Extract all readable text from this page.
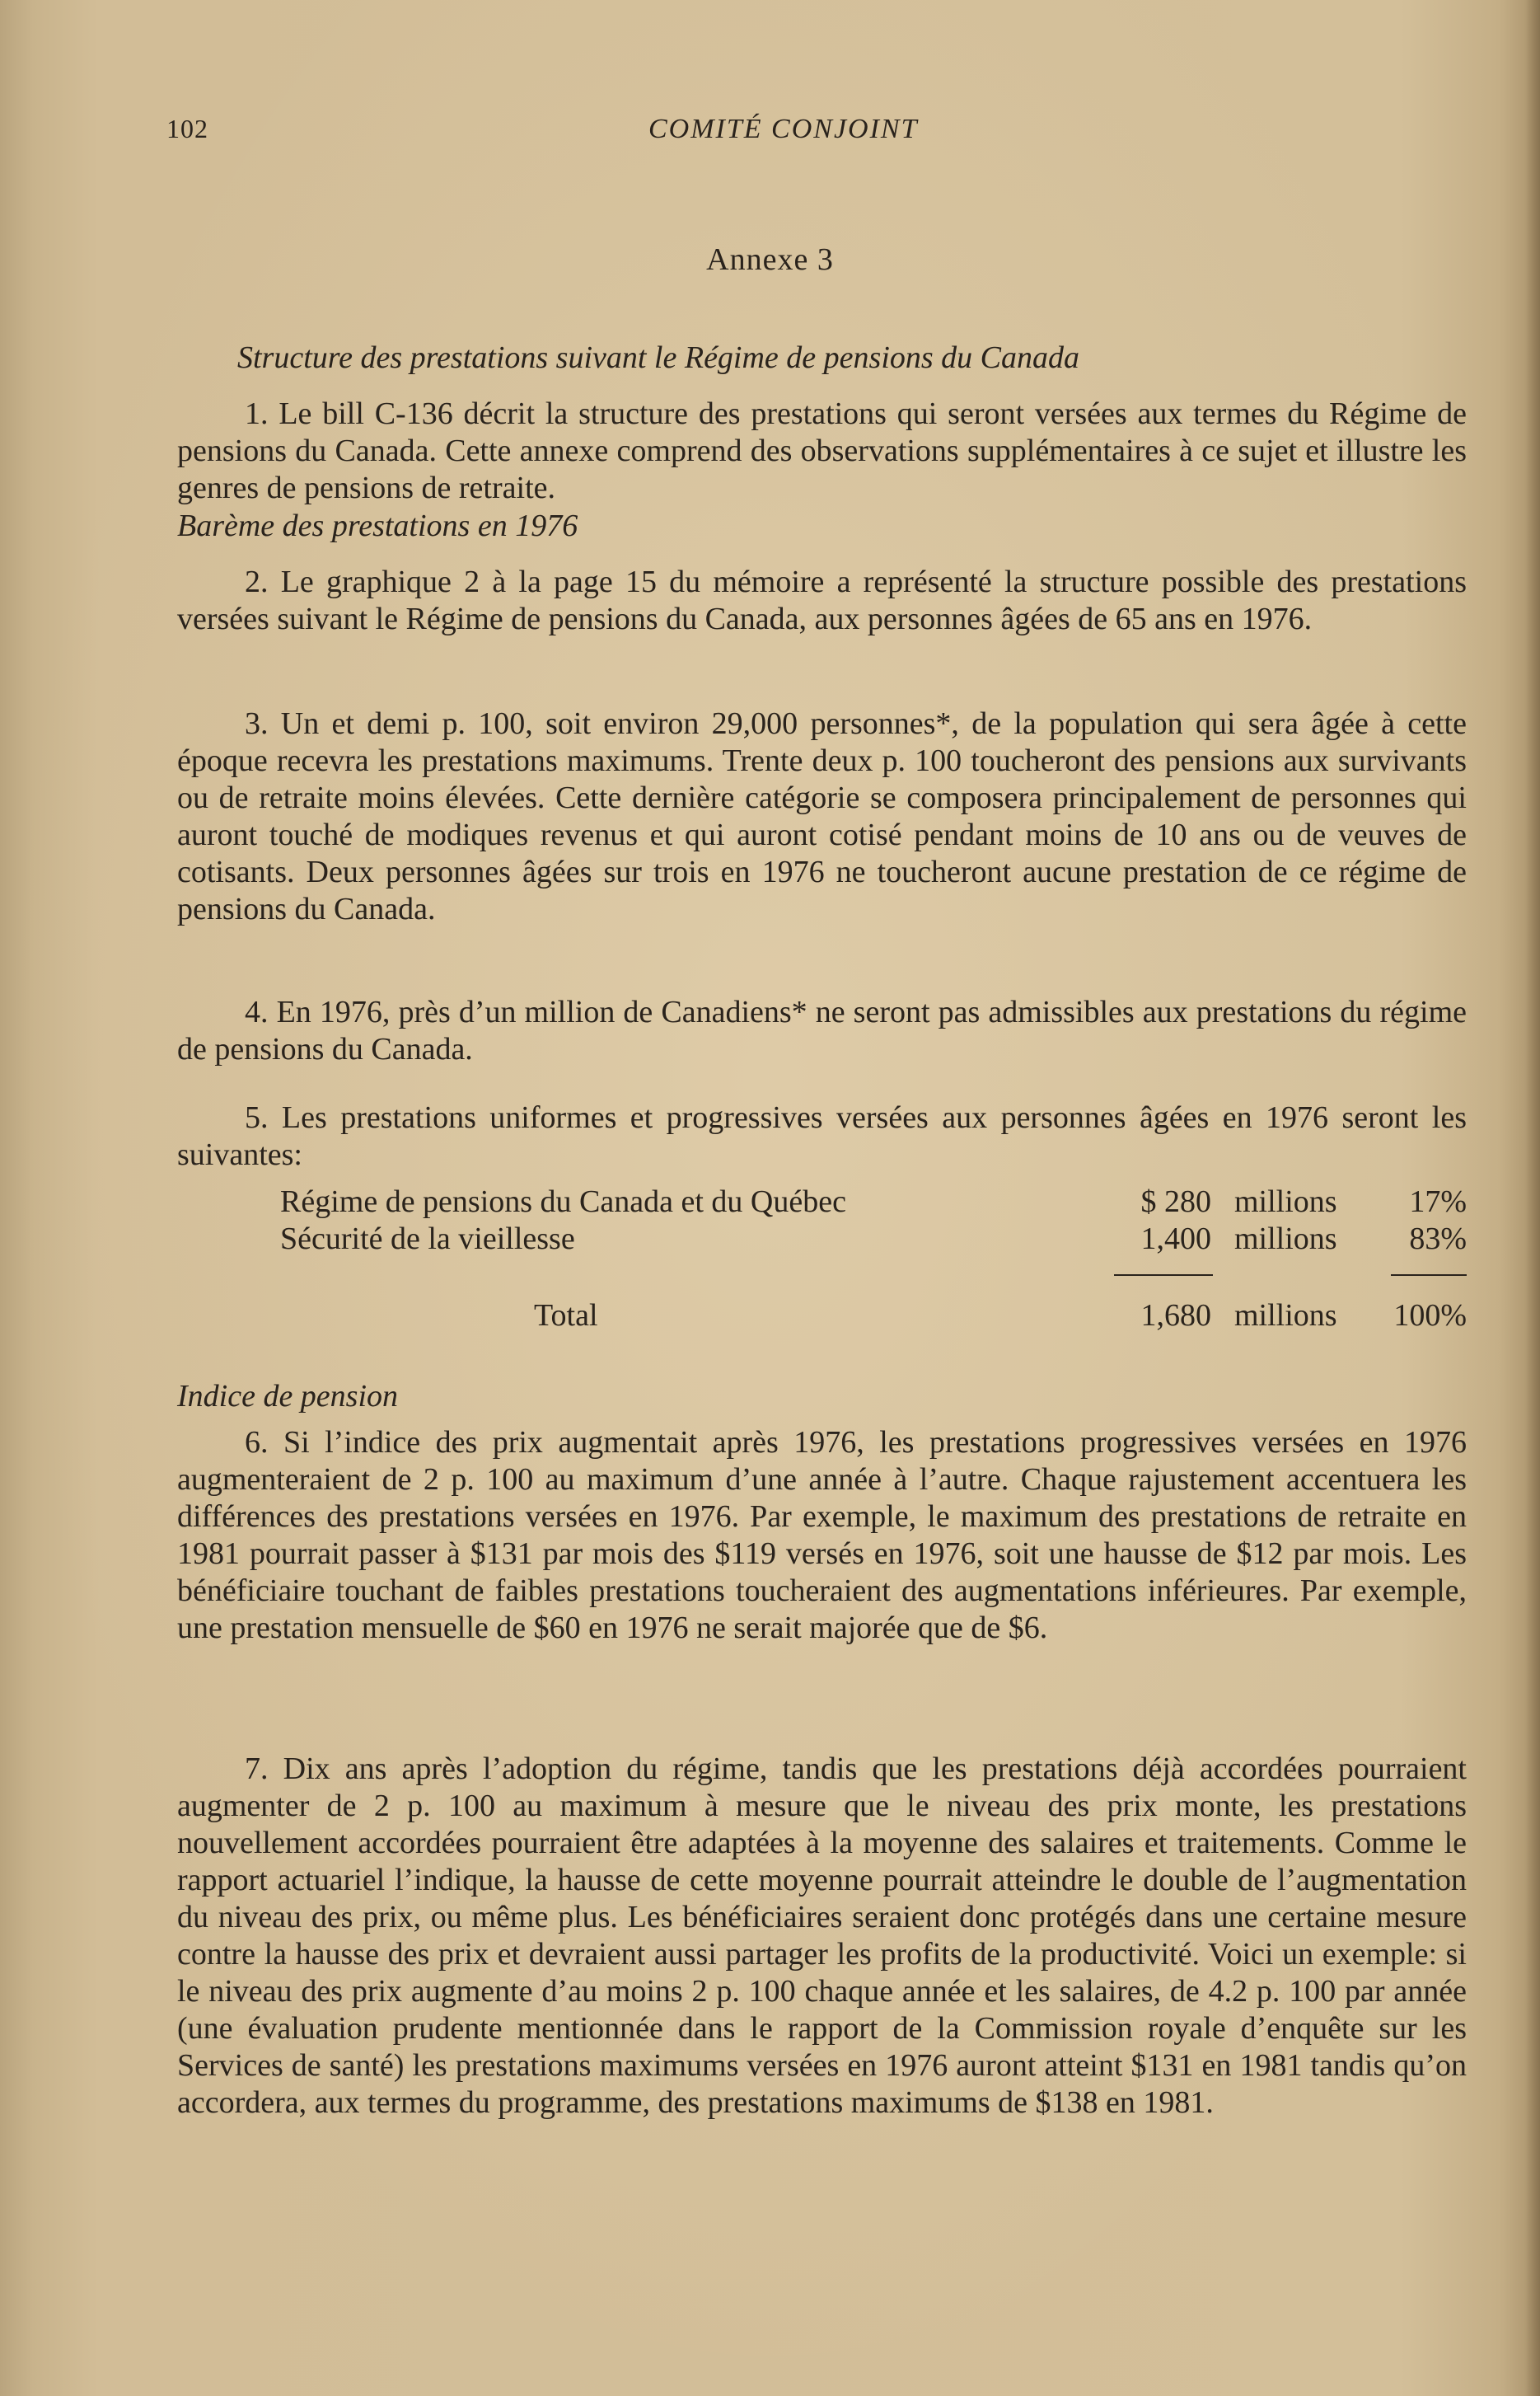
102	COMITÉ CONJOINT
Annexe 3
Structure des prestations suivant le Régime de pensions du Canada

1. Le bill C-136 décrit la structure des prestations qui seront versées aux termes du Régime de pensions du Canada. Cette annexe comprend des observations supplémentaires à ce sujet et illustre les genres de pensions de retraite.

Barème des prestations en 1976

2. Le graphique 2 à la page 15 du mémoire a représenté la structure possible des prestations versées suivant le Régime de pensions du Canada, aux personnes âgées de 65 ans en 1976.

3. Un et demi p. 100, soit environ 29,000 personnes*, de la population qui sera âgée à cette époque recevra les prestations maximums. Trente deux p. 100 toucheront des pensions aux survivants ou de retraite moins élevées. Cette dernière catégorie se composera principalement de personnes qui auront touché de modiques revenus et qui auront cotisé pendant moins de 10 ans ou de veuves de cotisants. Deux personnes âgées sur trois en 1976 ne toucheront aucune prestation de ce régime de pensions du Canada.

4. En 1976, près d’un million de Canadiens* ne seront pas admissibles aux prestations du régime de pensions du Canada.

5. Les prestations uniformes et progressives versées aux personnes âgées en 1976 seront les suivantes:

Régime de pensions du Canada et du Québec	$ 280 millions 17%
Sécurité de la vieillesse	1,400 millions 83%
Total	1,680 millions 100%
Indice de pension

6. Si l’indice des prix augmentait après 1976, les prestations progressives versées en 1976 augmenteraient de 2 p. 100 au maximum d’une année à l’autre. Chaque rajustement accentuera les différences des prestations versées en 1976. Par exemple, le maximum des prestations de retraite en 1981 pourrait passer à $131 par mois des $119 versés en 1976, soit une hausse de $12 par mois. Les bénéficiaire touchant de faibles prestations toucheraient des augmentations inférieures. Par exemple, une prestation mensuelle de $60 en 1976 ne serait majorée que de $6.

7. Dix ans après l’adoption du régime, tandis que les prestations déjà accordées pourraient augmenter de 2 p. 100 au maximum à mesure que le niveau des prix monte, les prestations nouvellement accordées pourraient être adaptées à la moyenne des salaires et traitements. Comme le rapport actuariel l’indique, la hausse de cette moyenne pourrait atteindre le double de l’augmentation du niveau des prix, ou même plus. Les bénéficiaires seraient donc protégés dans une certaine mesure contre la hausse des prix et devraient aussi partager les profits de la productivité. Voici un exemple: si le niveau des prix augmente d’au moins 2 p. 100 chaque année et les salaires, de 4.2 p. 100 par année (une évaluation prudente mentionnée dans le rapport de la Commission royale d’enquête sur les Services de santé) les prestations maximums versées en 1976 auront atteint $131 en 1981 tandis qu’on accordera, aux termes du programme, des prestations maximums de $138 en 1981.
